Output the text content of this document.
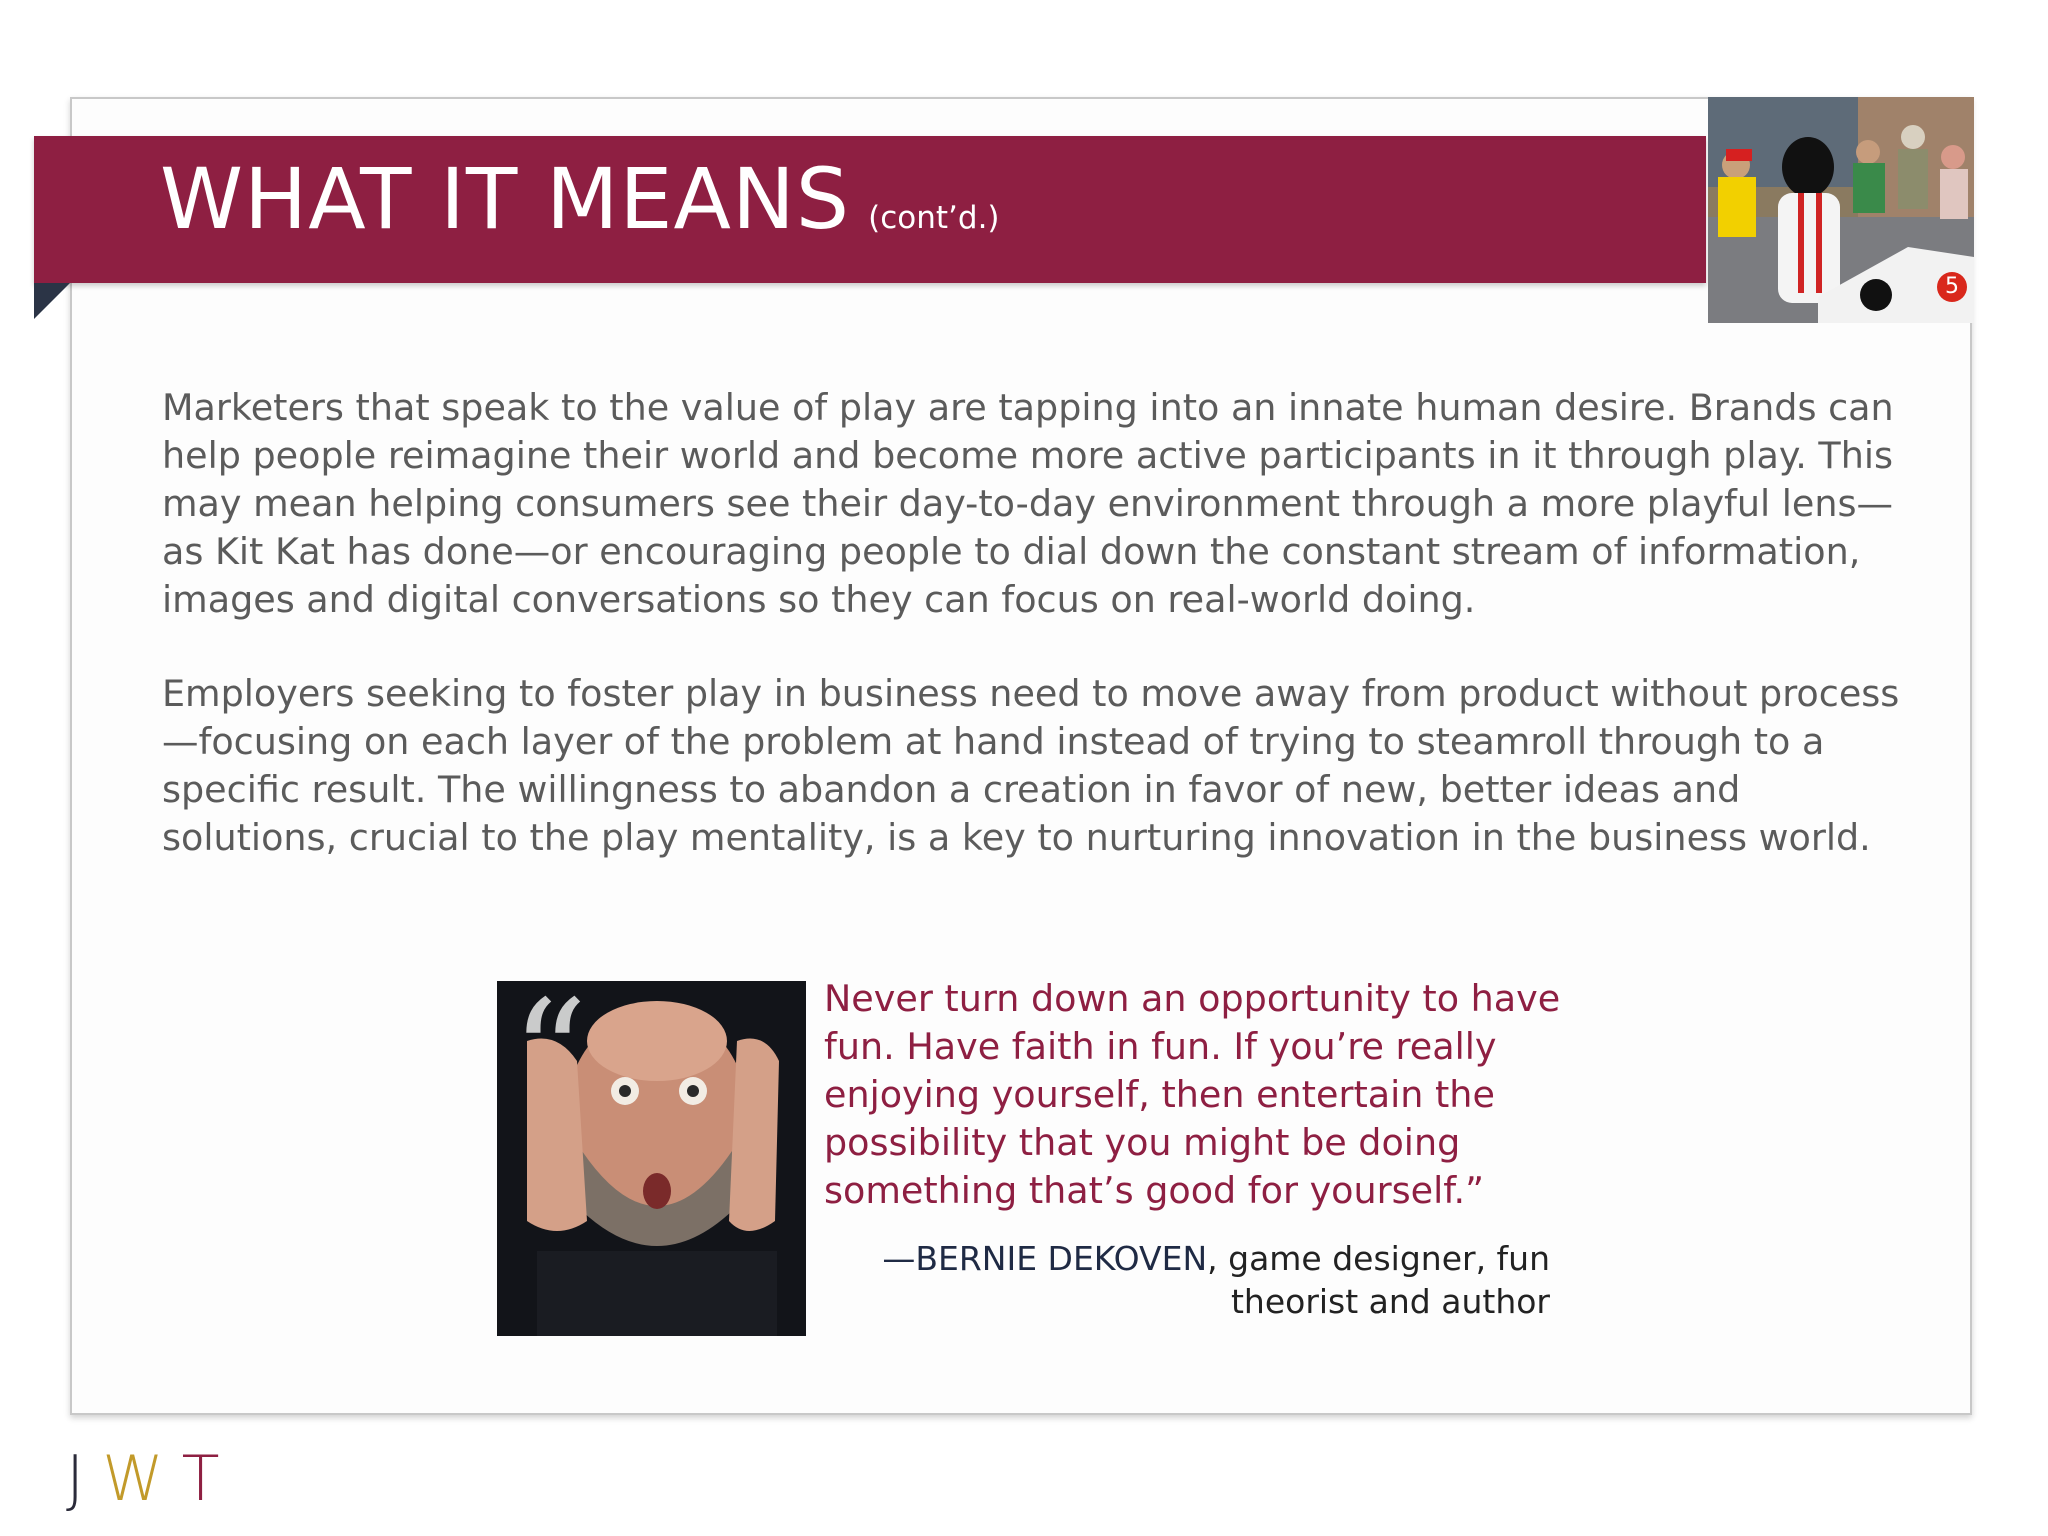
WHAT IT MEANS (cont’d.)
5

Marketers that speak to the value of play are tapping into an innate human desire. Brands can help people reimagine their world and become more active participants in it through play. This may mean helping consumers see their day-to-day environment through a more playful lens—as Kit Kat has done—or encouraging people to dial down the constant stream of information, images and digital conversations so they can focus on real-world doing.

Employers seeking to foster play in business need to move away from product without process—focusing on each layer of the problem at hand instead of trying to steamroll through to a specific result. The willingness to abandon a creation in favor of new, better ideas and solutions, crucial to the play mentality, is a key to nurturing innovation in the business world.

“	Never turn down an opportunity to have fun. Have faith in fun. If you’re really enjoying yourself, then entertain the possibility that you might be doing something that’s good for yourself.”
—BERNIE DEKOVEN, game designer, fun theorist and author
JWT
